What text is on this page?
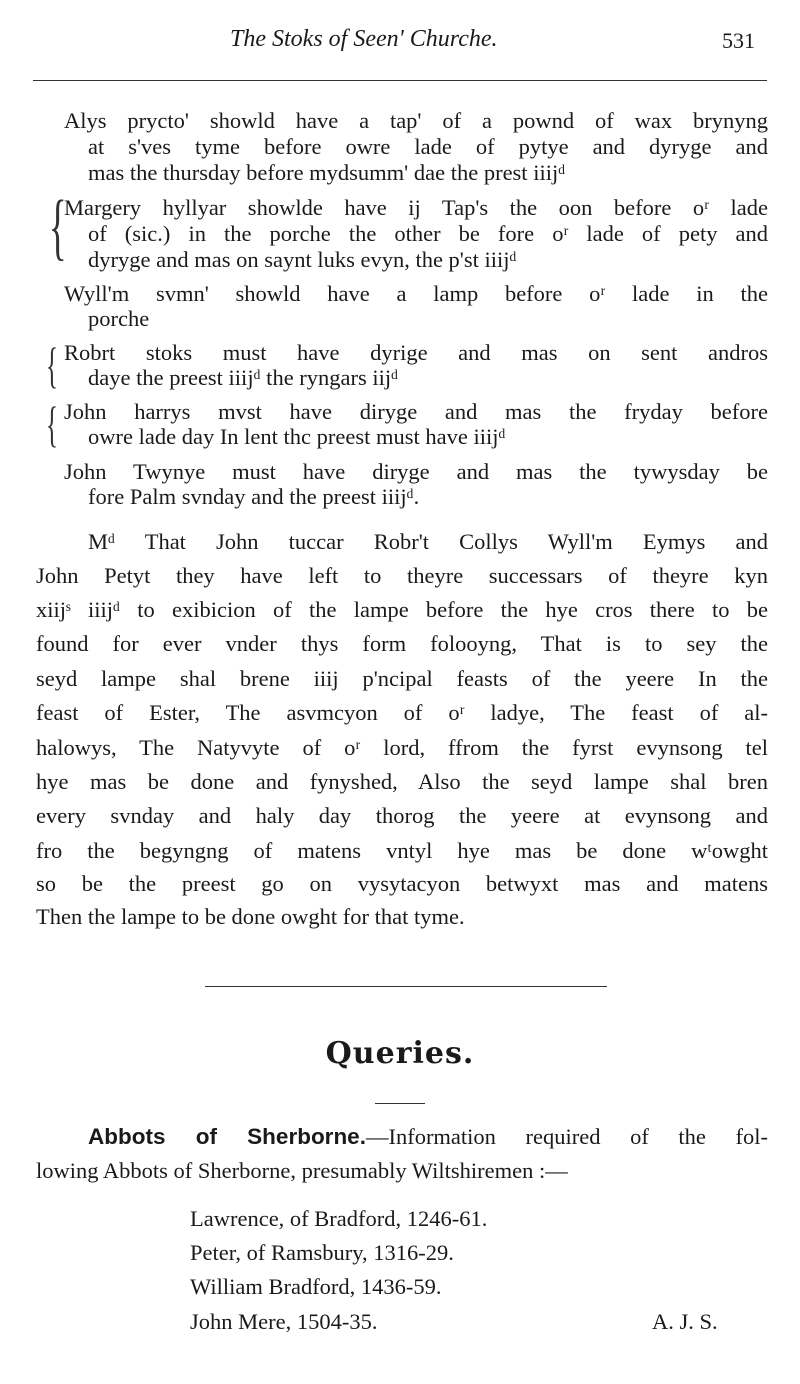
The Stoks of Seen' Churche.	531
Alys prycto' showld have a tap' of a pownd of wax brynyng
at s'ves tyme before owre lade of pytye and dyryge and
mas the thursday before mydsumm' dae the prest iiijᵈ
{
Margery hyllyar showlde have ij Tap's the oon before oʳ lade
of (sic.) in the porche the other be fore oʳ lade of pety and
dyryge and mas on saynt luks evyn, the p'st iiijᵈ
Wyll'm svmn' showld have a lamp before oʳ lade in the
porche
{ Robrt stoks must have dyrige and mas on sent andros
daye the preest iiijᵈ the ryngars iijᵈ
{ John harrys mvst have diryge and mas the fryday before
owre lade day In lent thc preest must have iiijᵈ
John Twynye must have diryge and mas the tywysday be
fore Palm svnday and the preest iiijᵈ.
Mᵈ That John tuccar Robr't Collys Wyll'm Eymys and
John Petyt they have left to theyre successars of theyre kyn
xiijˢ iiijᵈ to exibicion of the lampe before the hye cros there to be
found for ever vnder thys form folooyng, That is to sey the
seyd lampe shal brene iiij p'ncipal feasts of the yeere In the
feast of Ester, The asvmcyon of oʳ ladye, The feast of al-
halowys, The Natyvyte of oʳ lord, ffrom the fyrst evynsong tel
hye mas be done and fynyshed, Also the seyd lampe shal bren
every svnday and haly day thorog the yeere at evynsong and
fro the begyngng of matens vntyl hye mas be done wᵗowght
so be the preest go on vysytacyon betwyxt mas and matens
Then the lampe to be done owght for that tyme.
Queries.
Abbots of Sherborne.—Information required of the fol-
lowing Abbots of Sherborne, presumably Wiltshiremen :—
Lawrence, of Bradford, 1246-61.
Peter, of Ramsbury, 1316-29.
William Bradford, 1436-59.
John Mere, 1504-35.	A. J. S.
